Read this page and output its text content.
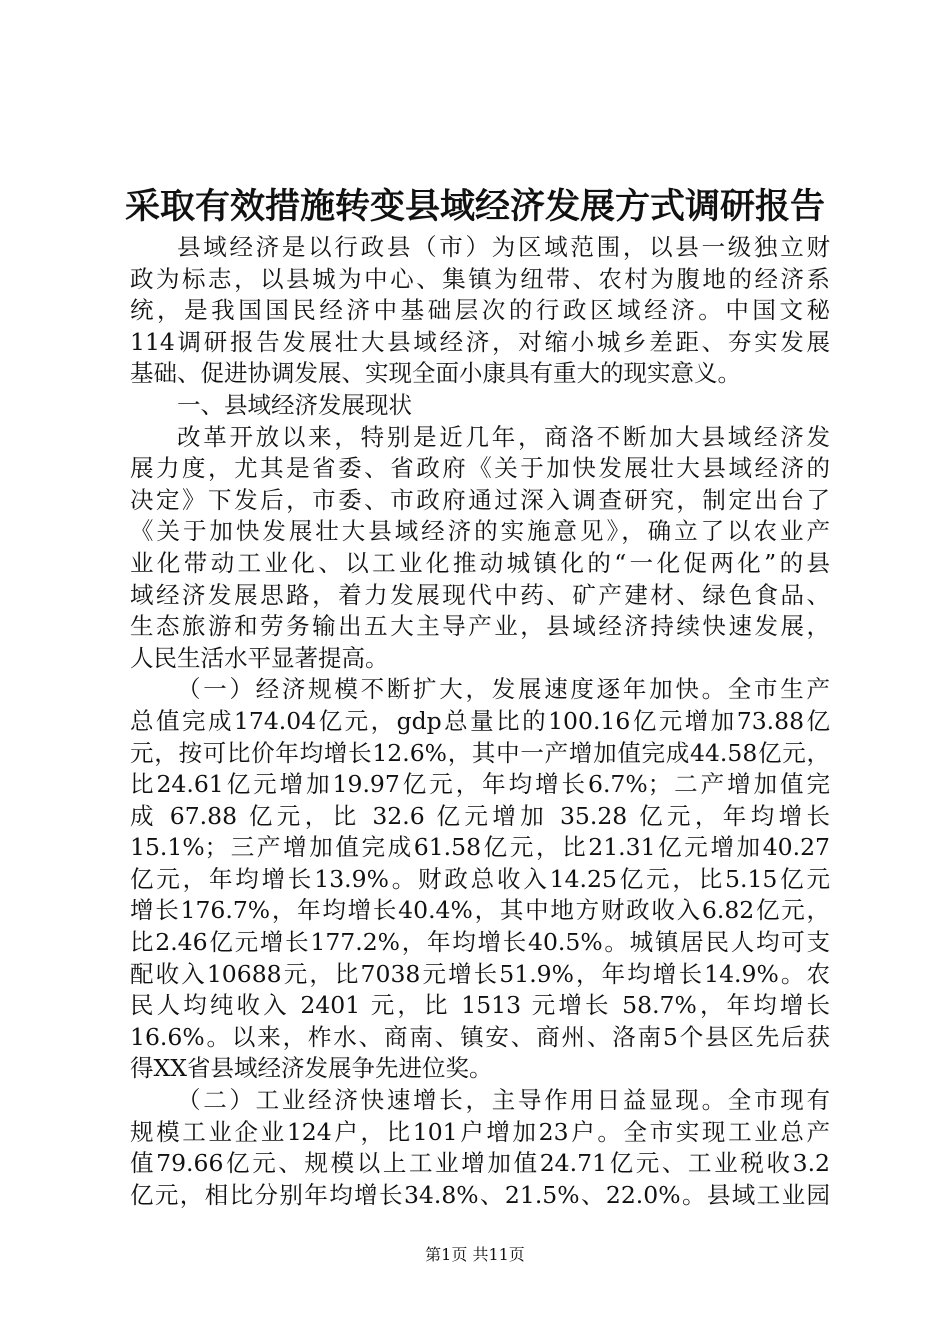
采取有效措施转变县域经济发展方式调研报告
县域经济是以行政县（市）为区域范围，以县一级独立财
政为标志，以县城为中心、集镇为纽带、农村为腹地的经济系
统，是我国国民经济中基础层次的行政区域经济。中国文秘
114调研报告发展壮大县域经济，对缩小城乡差距、夯实发展
基础、促进协调发展、实现全面小康具有重大的现实意义。
一、县域经济发展现状
改革开放以来，特别是近几年，商洛不断加大县域经济发
展力度，尤其是省委、省政府《关于加快发展壮大县域经济的
决定》下发后，市委、市政府通过深入调查研究，制定出台了
《关于加快发展壮大县域经济的实施意见》，确立了以农业产
业化带动工业化、以工业化推动城镇化的“一化促两化”的县
域经济发展思路，着力发展现代中药、矿产建材、绿色食品、
生态旅游和劳务输出五大主导产业，县域经济持续快速发展，
人民生活水平显著提高。
（一）经济规模不断扩大，发展速度逐年加快。全市生产
总值完成174.04亿元，gdp总量比的100.16亿元增加73.88亿
元，按可比价年均增长12.6%，其中一产增加值完成44.58亿元，
比24.61亿元增加19.97亿元，年均增长6.7%；二产增加值完
成 67.88 亿元，比 32.6 亿元增加 35.28 亿元，年均增长
15.1%；三产增加值完成61.58亿元，比21.31亿元增加40.27
亿元，年均增长13.9%。财政总收入14.25亿元，比5.15亿元
增长176.7%，年均增长40.4%，其中地方财政收入6.82亿元，
比2.46亿元增长177.2%，年均增长40.5%。城镇居民人均可支
配收入10688元，比7038元增长51.9%，年均增长14.9%。农
民人均纯收入 2401 元，比 1513 元增长 58.7%，年均增长
16.6%。以来，柞水、商南、镇安、商州、洛南5个县区先后获
得XX省县域经济发展争先进位奖。
（二）工业经济快速增长，主导作用日益显现。全市现有
规模工业企业124户，比101户增加23户。全市实现工业总产
值79.66亿元、规模以上工业增加值24.71亿元、工业税收3.2
亿元，相比分别年均增长34.8%、21.5%、22.0%。县域工业园
第1页 共11页
